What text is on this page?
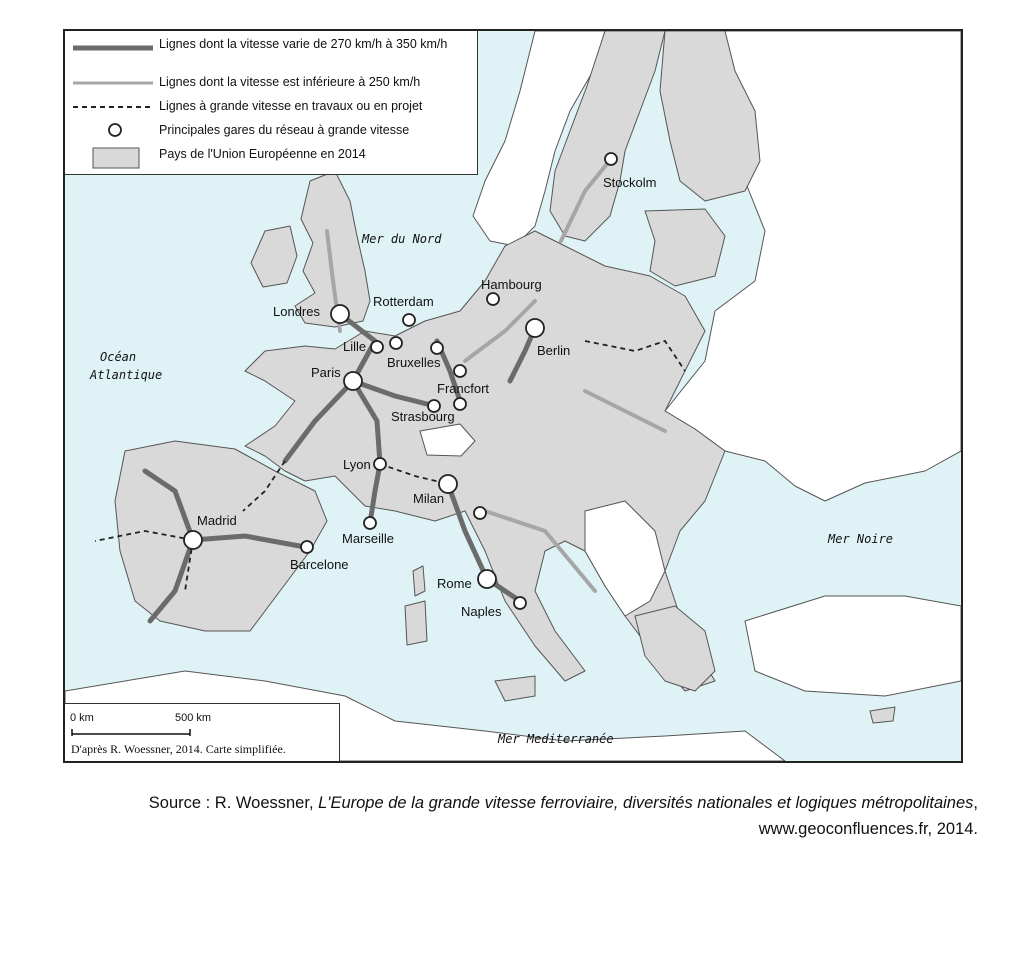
Mer du Nord
Océan
Atlantique
Mer Noire
Mer Mediterranée
Stockolm
Hambourg
Rotterdam
Londres
Berlin
Lille
Bruxelles
Paris
Francfort
Strasbourg
Lyon
Milan
Marseille
Madrid
Barcelone
Rome
Naples
Lignes dont la vitesse varie de 270 km/h à 350 km/h
Lignes dont la vitesse est inférieure à 250 km/h
Lignes à grande vitesse en travaux ou en projet
Principales gares du réseau à grande vitesse
Pays de l'Union Européenne en 2014
0 km	500 km
D'après R. Woessner, 2014. Carte simplifiée.
Source : R. Woessner, L'Europe de la grande vitesse ferroviaire, diversités nationales et logiques métropolitaines, www.geoconfluences.fr, 2014.
